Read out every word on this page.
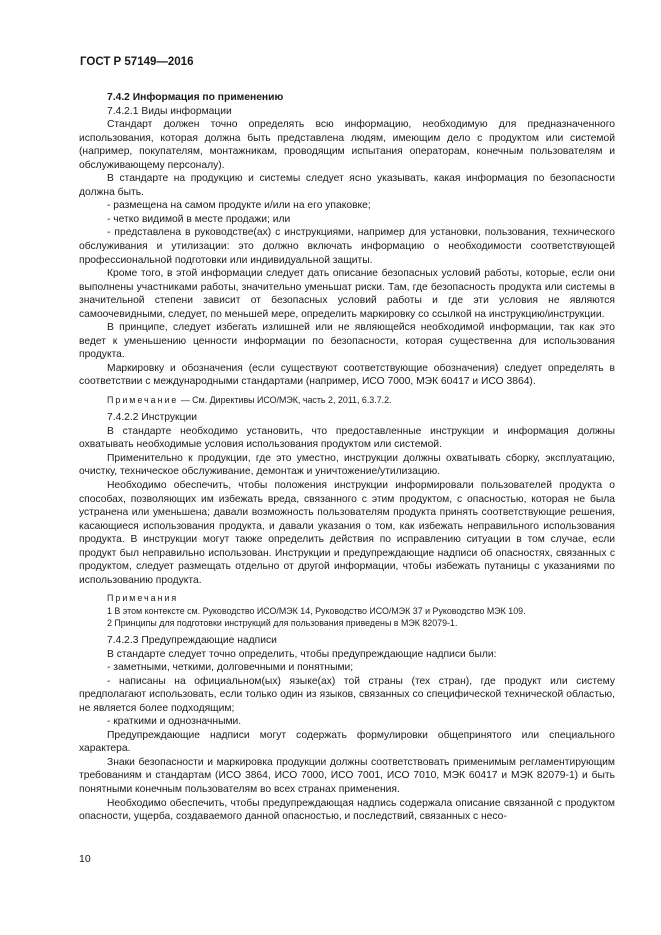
ГОСТ Р 57149—2016

7.4.2 Информация по применению

7.4.2.1 Виды информации

Стандарт должен точно определять всю информацию, необходимую для предназначенного использования, которая должна быть представлена людям, имеющим дело с продуктом или системой (например, покупателям, монтажникам, проводящим испытания операторам, конечным пользователям и обслуживающему персоналу).

В стандарте на продукцию и системы следует ясно указывать, какая информация по безопасности должна быть.

- размещена на самом продукте и/или на его упаковке;

- четко видимой в месте продажи; или

- представлена в руководстве(ах) с инструкциями, например для установки, пользования, технического обслуживания и утилизации: это должно включать информацию о необходимости соответствующей профессиональной подготовки или индивидуальной защиты.

Кроме того, в этой информации следует дать описание безопасных условий работы, которые, если они выполнены участниками работы, значительно уменьшат риски. Там, где безопасность продукта или системы в значительной степени зависит от безопасных условий работы и где эти условия не являются самоочевидными, следует, по меньшей мере, определить маркировку со ссылкой на инструкцию/инструкции.

В принципе, следует избегать излишней или не являющейся необходимой информации, так как это ведет к уменьшению ценности информации по безопасности, которая существенна для использования продукта.

Маркировку и обозначения (если существуют соответствующие обозначения) следует определять в соответствии с международными стандартами (например, ИСО 7000, МЭК 60417 и ИСО 3864).

Примечание — См. Директивы ИСО/МЭК, часть 2, 2011, 6.3.7.2.

7.4.2.2 Инструкции

В стандарте необходимо установить, что предоставленные инструкции и информация должны охватывать необходимые условия использования продуктом или системой.

Применительно к продукции, где это уместно, инструкции должны охватывать сборку, эксплуатацию, очистку, техническое обслуживание, демонтаж и уничтожение/утилизацию.

Необходимо обеспечить, чтобы положения инструкции информировали пользователей продукта о способах, позволяющих им избежать вреда, связанного с этим продуктом, с опасностью, которая не была устранена или уменьшена; давали возможность пользователям продукта принять соответствующие решения, касающиеся использования продукта, и давали указания о том, как избежать неправильного использования продукта. В инструкции могут также определить действия по исправлению ситуации в том случае, если продукт был неправильно использован. Инструкции и предупреждающие надписи об опасностях, связанных с продуктом, следует размещать отдельно от другой информации, чтобы избежать путаницы с указаниями по использованию продукта.

Примечания

1 В этом контексте см. Руководство ИСО/МЭК 14, Руководство ИСО/МЭК 37 и Руководство МЭК 109.

2 Принципы для подготовки инструкций для пользования приведены в МЭК 82079-1.

7.4.2.3 Предупреждающие надписи

В стандарте следует точно определить, чтобы предупреждающие надписи были:

- заметными, четкими, долговечными и понятными;

- написаны на официальном(ых) языке(ах) той страны (тех стран), где продукт или систему предполагают использовать, если только один из языков, связанных со специфической технической областью, не является более подходящим;

- краткими и однозначными.

Предупреждающие надписи могут содержать формулировки общепринятого или специального характера.

Знаки безопасности и маркировка продукции должны соответствовать применимым регламентирующим требованиям и стандартам (ИСО 3864, ИСО 7000, ИСО 7001, ИСО 7010, МЭК 60417 и МЭК 82079-1) и быть понятными конечным пользователям во всех странах применения.

Необходимо обеспечить, чтобы предупреждающая надпись содержала описание связанной с продуктом опасности, ущерба, создаваемого данной опасностью, и последствий, связанных с несо-

10
